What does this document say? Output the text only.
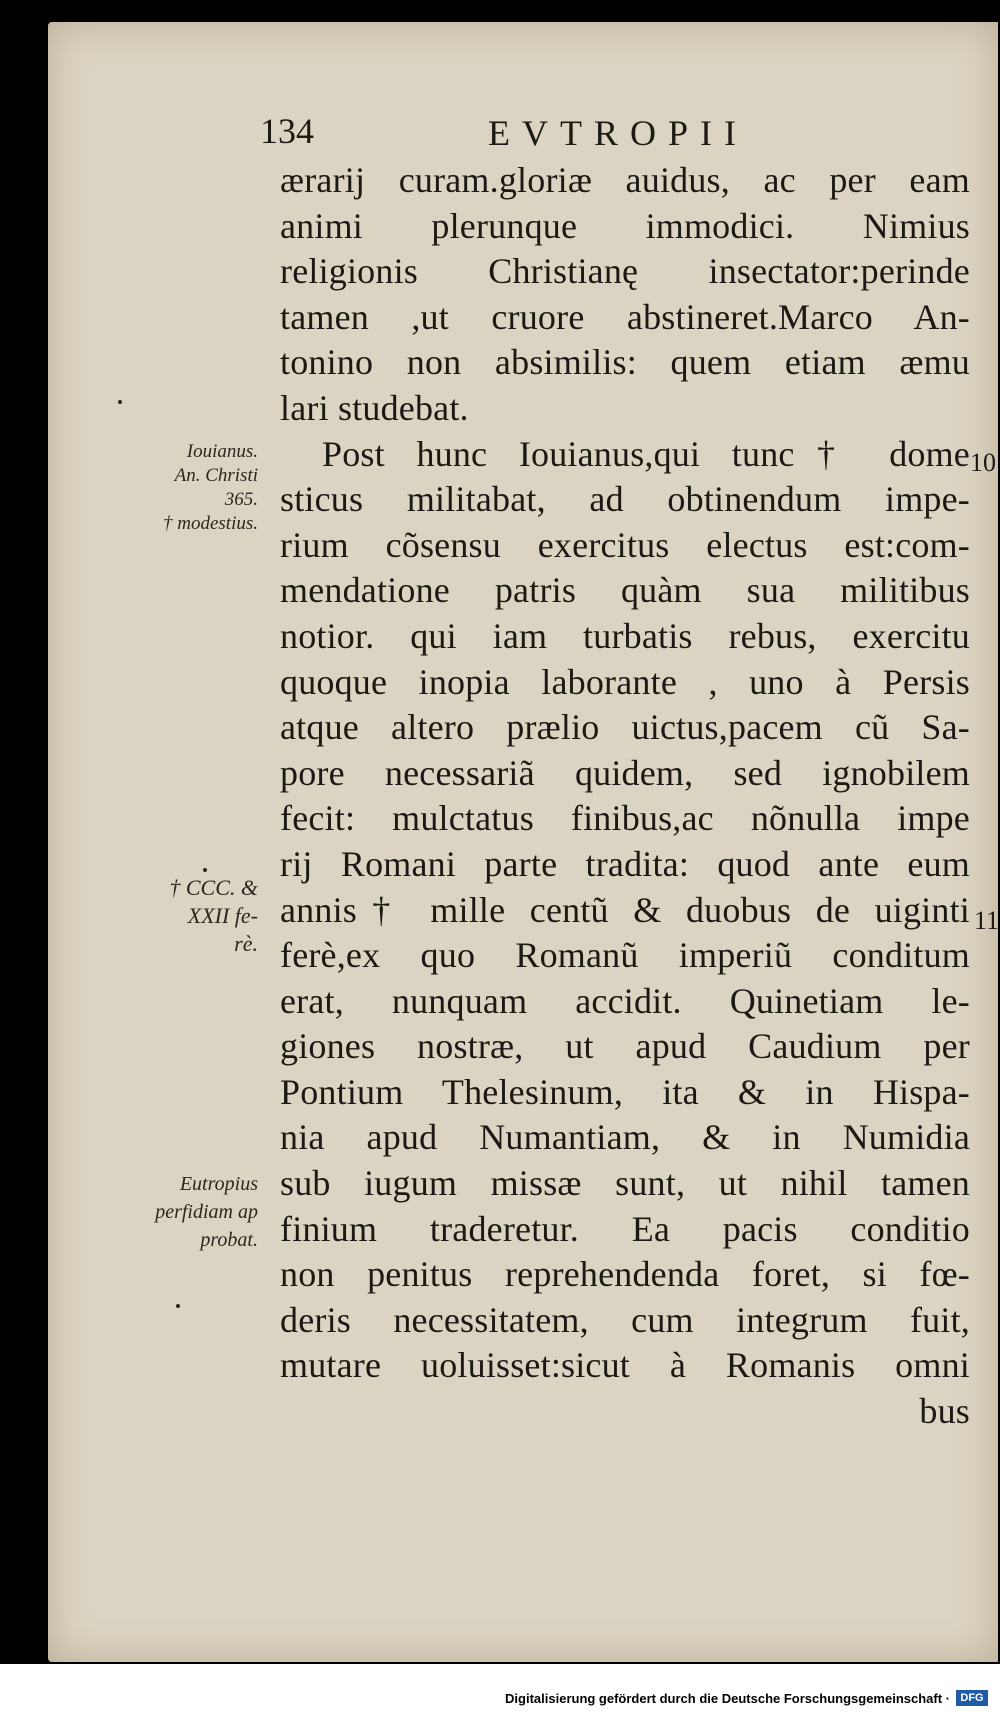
134	EVTROPII
ærarij curam.gloriæ auidus, ac per eam
animi plerunque immodici. Nimius
religionis Christianę insectator:perinde
tamen ,ut cruore abstineret.Marco An-
tonino non absimilis: quem etiam æmu
lari studebat.
Post hunc Iouianus,qui tunc† dome
sticus militabat, ad obtinendum impe-
rium cõsensu exercitus electus est:com-
mendatione patris quàm sua militibus
notior. qui iam turbatis rebus, exercitu
quoque inopia laborante , uno à Persis
atque altero prælio uictus,pacem cũ Sa-
pore necessariã quidem, sed ignobilem
fecit: mulctatus finibus,ac nõnulla impe
rij Romani parte tradita: quod ante eum
annis† mille centũ & duobus de uiginti
ferè,ex quo Romanũ imperiũ conditum
erat, nunquam accidit. Quinetiam le-
giones nostræ, ut apud Caudium per
Pontium Thelesinum, ita & in Hispa-
nia apud Numantiam, & in Numidia
sub iugum missæ sunt, ut nihil tamen
finium traderetur. Ea pacis conditio
non penitus reprehendenda foret, si fœ-
deris necessitatem, cum integrum fuit,
mutare uoluisset:sicut à Romanis omni
bus
Iouianus.
An. Christi
365.
† modestius.
† CCC. &
XXII fe-
rè.
Eutropius
perfidiam ap
probat.
10
11
Digitalisierung gefördert durch die Deutsche Forschungsgemeinschaft · DFG
